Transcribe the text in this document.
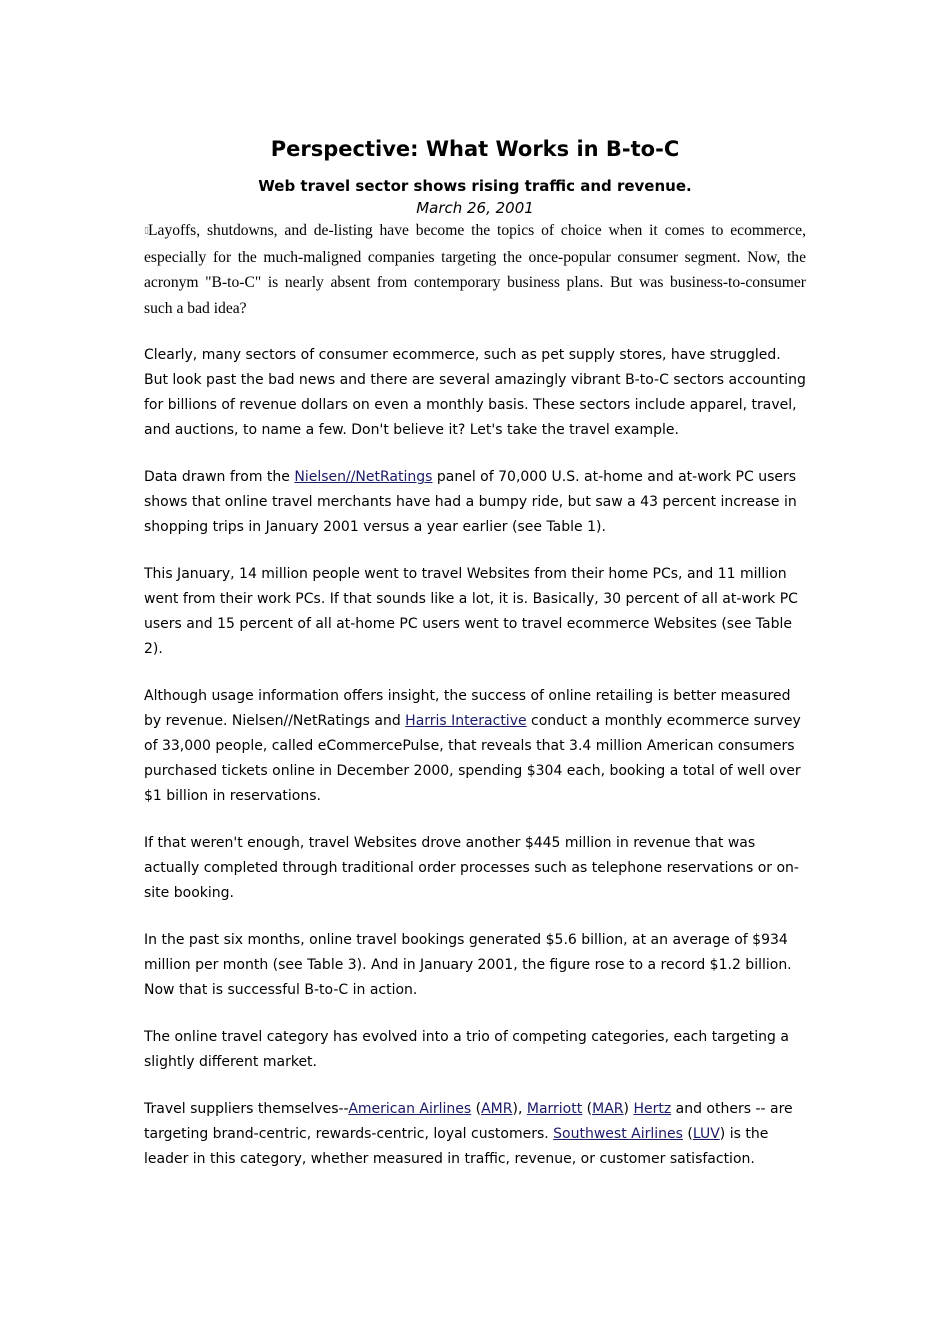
Perspective: What Works in B-to-C
Web travel sector shows rising traffic and revenue.
March 26, 2001

▯Layoffs, shutdowns, and de-listing have become the topics of choice when it comes to ecommerce, especially for the much-maligned companies targeting the once-popular consumer segment. Now, the acronym "B-to-C" is nearly absent from contemporary business plans. But was business-to-consumer such a bad idea?

Clearly, many sectors of consumer ecommerce, such as pet supply stores, have struggled. But look past the bad news and there are several amazingly vibrant B-to-C sectors accounting for billions of revenue dollars on even a monthly basis. These sectors include apparel, travel, and auctions, to name a few. Don't believe it? Let's take the travel example.

Data drawn from the Nielsen//NetRatings panel of 70,000 U.S. at-home and at-work PC users shows that online travel merchants have had a bumpy ride, but saw a 43 percent increase in shopping trips in January 2001 versus a year earlier (see Table 1).

This January, 14 million people went to travel Websites from their home PCs, and 11 million went from their work PCs. If that sounds like a lot, it is. Basically, 30 percent of all at-work PC users and 15 percent of all at-home PC users went to travel ecommerce Websites (see Table 2).

Although usage information offers insight, the success of online retailing is better measured by revenue. Nielsen//NetRatings and Harris Interactive conduct a monthly ecommerce survey of 33,000 people, called eCommercePulse, that reveals that 3.4 million American consumers purchased tickets online in December 2000, spending $304 each, booking a total of well over $1 billion in reservations.

If that weren't enough, travel Websites drove another $445 million in revenue that was actually completed through traditional order processes such as telephone reservations or on-site booking.

In the past six months, online travel bookings generated $5.6 billion, at an average of $934 million per month (see Table 3). And in January 2001, the figure rose to a record $1.2 billion. Now that is successful B-to-C in action.

The online travel category has evolved into a trio of competing categories, each targeting a slightly different market.

Travel suppliers themselves--American Airlines (AMR), Marriott (MAR) Hertz and others -- are targeting brand-centric, rewards-centric, loyal customers. Southwest Airlines (LUV) is the leader in this category, whether measured in traffic, revenue, or customer satisfaction.
